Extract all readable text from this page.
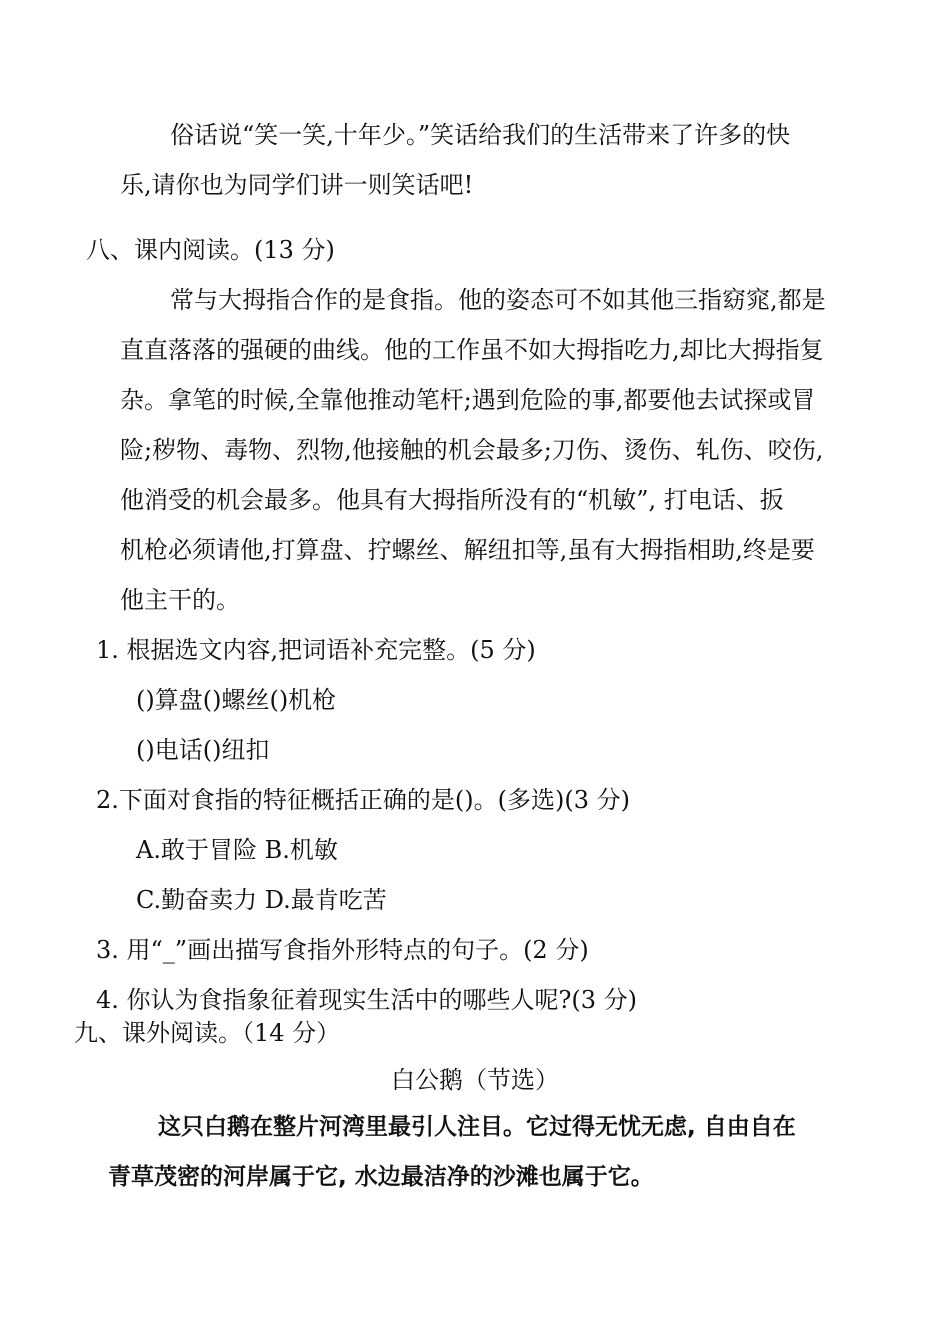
俗话说“笑一笑,十年少。”笑话给我们的生活带来了许多的快
乐,请你也为同学们讲一则笑话吧!
八、课内阅读。(13 分)
常与大拇指合作的是食指。他的姿态可不如其他三指窈窕,都是
直直落落的强硬的曲线。他的工作虽不如大拇指吃力,却比大拇指复
杂。拿笔的时候,全靠他推动笔杆;遇到危险的事,都要他去试探或冒
险;秽物、毒物、烈物,他接触的机会最多;刀伤、烫伤、轧伤、咬伤,
他消受的机会最多。他具有大拇指所没有的“机敏”, 打电话、扳
机枪必须请他,打算盘、拧螺丝、解纽扣等,虽有大拇指相助,终是要
他主干的。
1. 根据选文内容,把词语补充完整。(5 分)
()算盘()螺丝()机枪
()电话()纽扣
2.下面对食指的特征概括正确的是()。(多选)(3 分)
A.敢于冒险 B.机敏
C.勤奋卖力 D.最肯吃苦
3. 用“_”画出描写食指外形特点的句子。(2 分)
4. 你认为食指象征着现实生活中的哪些人呢?(3 分)
九、课外阅读。（14 分）
白公鹅（节选）
这只白鹅在整片河湾里最引人注目。它过得无忧无虑, 自由自在
青草茂密的河岸属于它, 水边最洁净的沙滩也属于它。
